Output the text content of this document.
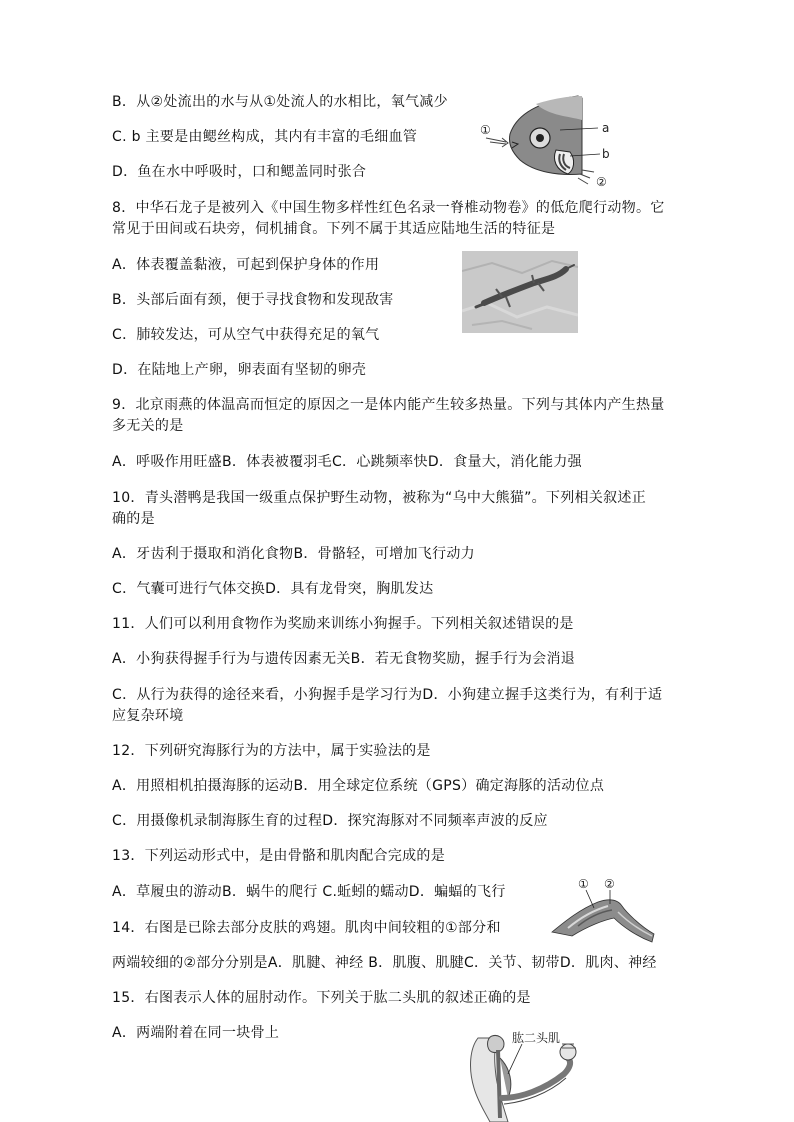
B．从②处流出的水与从①处流人的水相比，氧气减少
C. b 主要是由鳃丝构成，其内有丰富的毛细血管
D．鱼在水中呼吸时，口和鳃盖同时张合
①	a
b
②
8．中华石龙子是被列入《中国生物多样性红色名录一脊椎动物卷》的低危爬行动物。它
常见于田间或石块旁，伺机捕食。下列不属于其适应陆地生活的特征是
A．体表覆盖黏液，可起到保护身体的作用
B．头部后面有颈，便于寻找食物和发现敌害
C．肺较发达，可从空气中获得充足的氧气
D．在陆地上产卵，卵表面有坚韧的卵壳
9．北京雨燕的体温高而恒定的原因之一是体内能产生较多热量。下列与其体内产生热量
多无关的是
A．呼吸作用旺盛B．体表被覆羽毛C．心跳频率快D．食量大，消化能力强
10．青头潜鸭是我国一级重点保护野生动物，被称为“乌中大熊猫”。下列相关叙述正
确的是
A．牙齿利于摄取和消化食物B．骨骼轻，可增加飞行动力
C．气囊可进行气体交换D．具有龙骨突，胸肌发达
11．人们可以利用食物作为奖励来训练小狗握手。下列相关叙述错误的是
A．小狗获得握手行为与遗传因素无关B．若无食物奖励，握手行为会消退
C．从行为获得的途径来看，小狗握手是学习行为D．小狗建立握手这类行为，有利于适
应复杂环境
12．下列研究海豚行为的方法中，属于实验法的是
A．用照相机拍摄海豚的运动B．用全球定位系统（GPS）确定海豚的活动位点
C．用摄像机录制海豚生育的过程D．探究海豚对不同频率声波的反应
13．下列运动形式中，是由骨骼和肌肉配合完成的是
A．草履虫的游动B．蜗牛的爬行 C.蚯蚓的蠕动D．蝙蝠的飞行	① ②
14．右图是已除去部分皮肤的鸡翅。肌肉中间较粗的①部分和
两端较细的②部分分别是A．肌腱、神经 B．肌腹、肌腱C．关节、韧带D．肌肉、神经
15．右图表示人体的屈肘动作。下列关于肱二头肌的叙述正确的是
A．两端附着在同一块骨上	肱二头肌
